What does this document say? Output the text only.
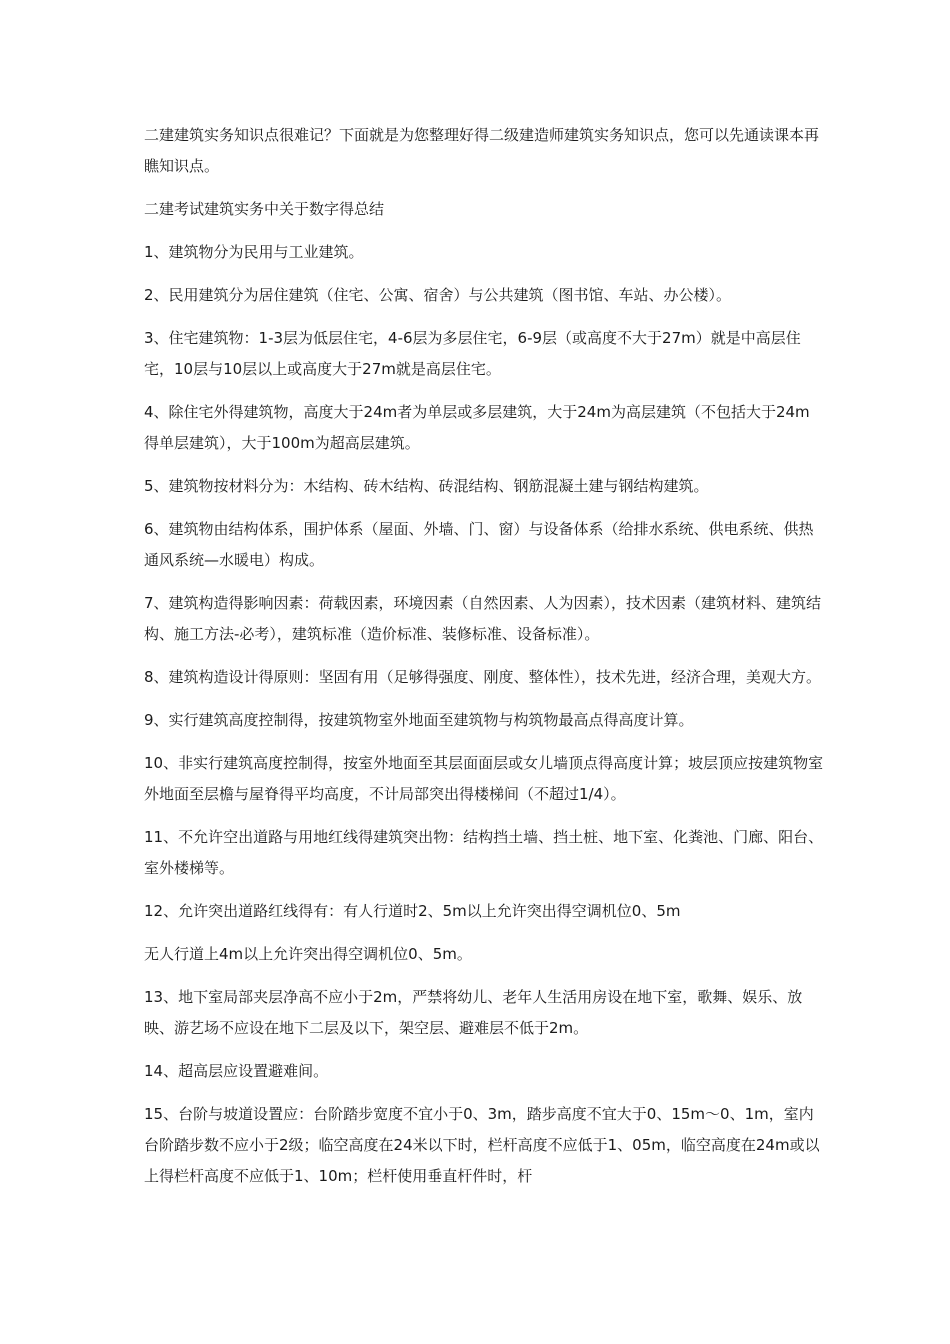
二建建筑实务知识点很难记？下面就是为您整理好得二级建造师建筑实务知识点，您可以先通读课本再瞧知识点。

二建考试建筑实务中关于数字得总结

1、建筑物分为民用与工业建筑。

2、民用建筑分为居住建筑（住宅、公寓、宿舍）与公共建筑（图书馆、车站、办公楼）。

3、住宅建筑物：1-3层为低层住宅，4-6层为多层住宅，6-9层（或高度不大于27m）就是中高层住宅，10层与10层以上或高度大于27m就是高层住宅。

4、除住宅外得建筑物，高度大于24m者为单层或多层建筑，大于24m为高层建筑（不包括大于24m得单层建筑），大于100m为超高层建筑。

5、建筑物按材料分为：木结构、砖木结构、砖混结构、钢筋混凝土建与钢结构建筑。

6、建筑物由结构体系，围护体系（屋面、外墙、门、窗）与设备体系（给排水系统、供电系统、供热通风系统—水暖电）构成。

7、建筑构造得影响因素：荷载因素，环境因素（自然因素、人为因素），技术因素（建筑材料、建筑结构、施工方法-必考），建筑标准（造价标准、装修标准、设备标准）。

8、建筑构造设计得原则：坚固有用（足够得强度、刚度、整体性），技术先进，经济合理，美观大方。

9、实行建筑高度控制得，按建筑物室外地面至建筑物与构筑物最高点得高度计算。

10、非实行建筑高度控制得，按室外地面至其层面面层或女儿墙顶点得高度计算；坡层顶应按建筑物室外地面至层檐与屋脊得平均高度，不计局部突出得楼梯间（不超过1/4）。

11、不允许空出道路与用地红线得建筑突出物：结构挡土墙、挡土桩、地下室、化粪池、门廊、阳台、室外楼梯等。

12、允许突出道路红线得有：有人行道时2、5m以上允许突出得空调机位0、5m

无人行道上4m以上允许突出得空调机位0、5m。

13、地下室局部夹层净高不应小于2m，严禁将幼儿、老年人生活用房设在地下室，歌舞、娱乐、放映、游艺场不应设在地下二层及以下，架空层、避难层不低于2m。

14、超高层应设置避难间。

15、台阶与坡道设置应：台阶踏步宽度不宜小于0、3m，踏步高度不宜大于0、15m～0、1m，室内台阶踏步数不应小于2级；临空高度在24米以下时，栏杆高度不应低于1、05m，临空高度在24m或以上得栏杆高度不应低于1、10m；栏杆使用垂直杆件时，杆
